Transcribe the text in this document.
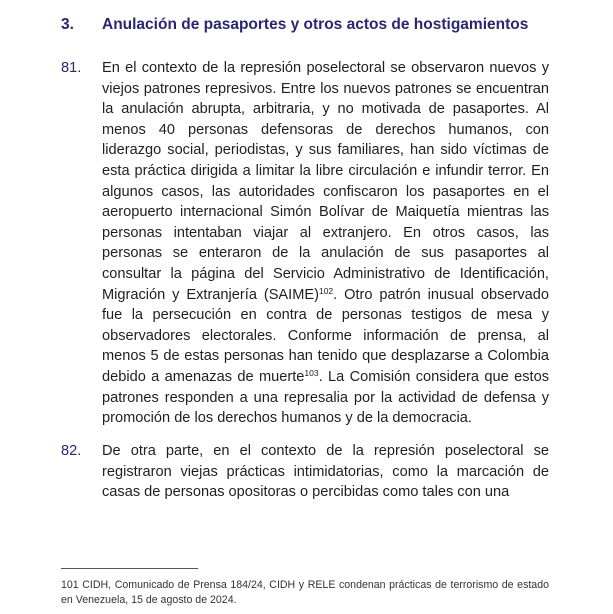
3. Anulación de pasaportes y otros actos de hostigamientos
81. En el contexto de la represión poselectoral se observaron nuevos y viejos patrones represivos. Entre los nuevos patrones se encuentran la anulación abrupta, arbitraria, y no motivada de pasaportes. Al menos 40 personas defensoras de derechos humanos, con liderazgo social, periodistas, y sus familiares, han sido víctimas de esta práctica dirigida a limitar la libre circulación e infundir terror. En algunos casos, las autoridades confiscaron los pasaportes en el aeropuerto internacional Simón Bolívar de Maiquetía mientras las personas intentaban viajar al extranjero. En otros casos, las personas se enteraron de la anulación de sus pasaportes al consultar la página del Servicio Administrativo de Identificación, Migración y Extranjería (SAIME)$^{102}$. Otro patrón inusual observado fue la persecución en contra de personas testigos de mesa y observadores electorales. Conforme información de prensa, al menos 5 de estas personas han tenido que desplazarse a Colombia debido a amenazas de muerte$^{103}$. La Comisión considera que estos patrones responden a una represalia por la actividad de defensa y promoción de los derechos humanos y de la democracia.
82. De otra parte, en el contexto de la represión poselectoral se registraron viejas prácticas intimidatorias, como la marcación de casas de personas opositoras o percibidas como tales con una
101 CIDH, Comunicado de Prensa 184/24, CIDH y RELE condenan prácticas de terrorismo de estado en Venezuela, 15 de agosto de 2024.
